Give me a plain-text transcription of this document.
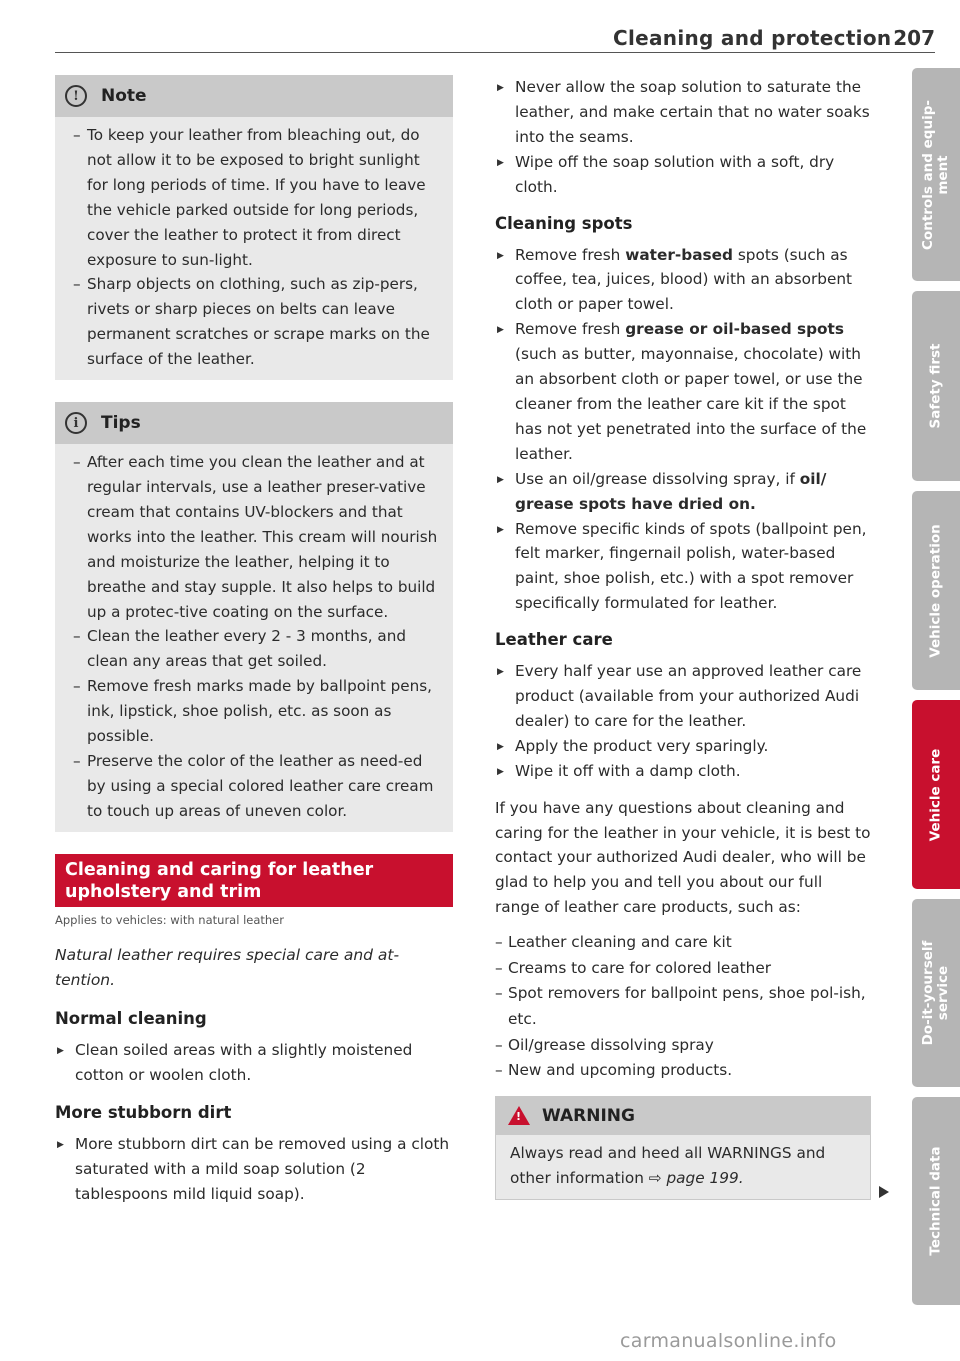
Cleaning and protection 207
!	Note
– To keep your leather from bleaching out, do not allow it to be exposed to bright sunlight for long periods of time. If you have to leave the vehicle parked outside for long periods, cover the leather to protect it from direct exposure to sun-light.
– Sharp objects on clothing, such as zip-pers, rivets or sharp pieces on belts can leave permanent scratches or scrape marks on the surface of the leather.
i	Tips
– After each time you clean the leather and at regular intervals, use a leather preser-vative cream that contains UV-blockers and that works into the leather. This cream will nourish and moisturize the leather, helping it to breathe and stay supple. It also helps to build up a protec-tive coating on the surface.
– Clean the leather every 2 - 3 months, and clean any areas that get soiled.
– Remove fresh marks made by ballpoint pens, ink, lipstick, shoe polish, etc. as soon as possible.
– Preserve the color of the leather as need-ed by using a special colored leather care cream to touch up areas of uneven color.
Cleaning and caring for leather upholstery and trim
Applies to vehicles: with natural leather
Natural leather requires special care and at-tention.
Normal cleaning
▶ Clean soiled areas with a slightly moistened cotton or woolen cloth.
More stubborn dirt
▶ More stubborn dirt can be removed using a cloth saturated with a mild soap solution (2 tablespoons mild liquid soap).
▶ Never allow the soap solution to saturate the leather, and make certain that no water soaks into the seams.
▶ Wipe off the soap solution with a soft, dry cloth.
Cleaning spots
▶ Remove fresh water-based spots (such as coffee, tea, juices, blood) with an absorbent cloth or paper towel.
▶ Remove fresh grease or oil-based spots (such as butter, mayonnaise, chocolate) with an absorbent cloth or paper towel, or use the cleaner from the leather care kit if the spot has not yet penetrated into the surface of the leather.
▶ Use an oil/grease dissolving spray, if oil/ grease spots have dried on.
▶ Remove specific kinds of spots (ballpoint pen, felt marker, fingernail polish, water-based paint, shoe polish, etc.) with a spot remover specifically formulated for leather.
Leather care
▶ Every half year use an approved leather care product (available from your authorized Audi dealer) to care for the leather.
▶ Apply the product very sparingly.
▶ Wipe it off with a damp cloth.
If you have any questions about cleaning and caring for the leather in your vehicle, it is best to contact your authorized Audi dealer, who will be glad to help you and tell you about our full range of leather care products, such as:
– Leather cleaning and care kit
– Creams to care for colored leather
– Spot removers for ballpoint pens, shoe pol-ish, etc.
– Oil/grease dissolving spray
– New and upcoming products.
! WARNING
Always read and heed all WARNINGS and other information ⇨ page 199.
Controls and equip-
ment
Safety first
Vehicle operation
Vehicle care
Do-it-yourself
service
Technical data
carmanualsonline.info
